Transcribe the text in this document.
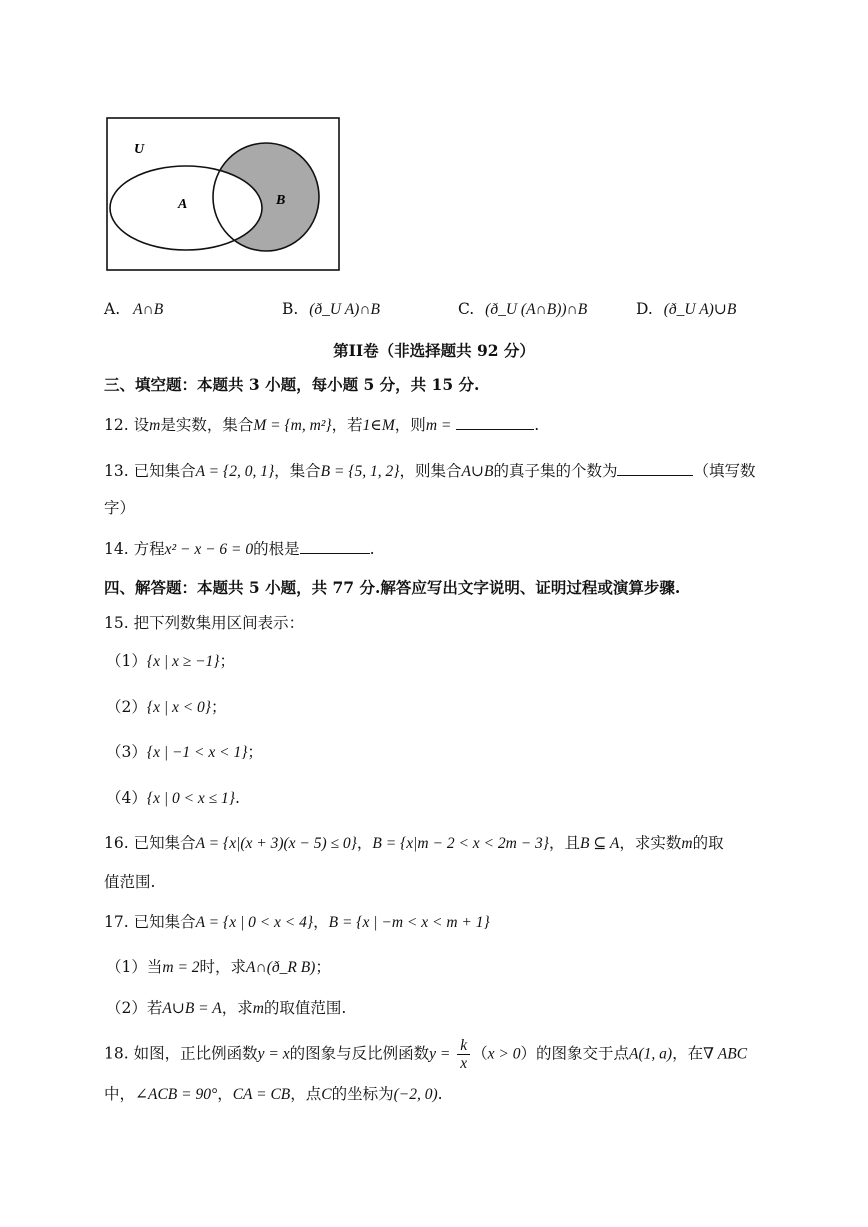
U
A	B
A. A∩B	B. (ð_U A)∩B	C. (ð_U (A∩B))∩B	D. (ð_U A)∪B
第II卷（非选择题共 92 分）
三、填空题：本题共 3 小题，每小题 5 分，共 15 分.
12. 设m是实数，集合M = {m, m²}，若1∈M，则m =	.
13. 已知集合A = {2, 0, 1}，集合B = {5, 1, 2}，则集合A∪B的真子集的个数为	（填写数
字）
14. 方程x² − x − 6 = 0的根是	.
四、解答题：本题共 5 小题，共 77 分.解答应写出文字说明、证明过程或演算步骤.
15. 把下列数集用区间表示：
（1）{x | x ≥ −1}；
（2）{x | x < 0}；
（3）{x | −1 < x < 1}；
（4）{x | 0 < x ≤ 1}.
16. 已知集合A = {x|(x + 3)(x − 5) ≤ 0}，B = {x|m − 2 < x < 2m − 3}，且B ⊆ A，求实数m的取
值范围.
17. 已知集合A = {x | 0 < x < 4}，B = {x | −m < x < m + 1}
（1）当m = 2时，求A∩(ð_R B)；
（2）若A∪B = A，求m的取值范围.
18. 如图，正比例函数y = x的图象与反比例函数$y = \frac{k}{x} (x > 0)$的图象交于点A(1, a)，在∇ ABC
中，∠ACB = 90°，CA = CB，点C的坐标为(−2, 0).
